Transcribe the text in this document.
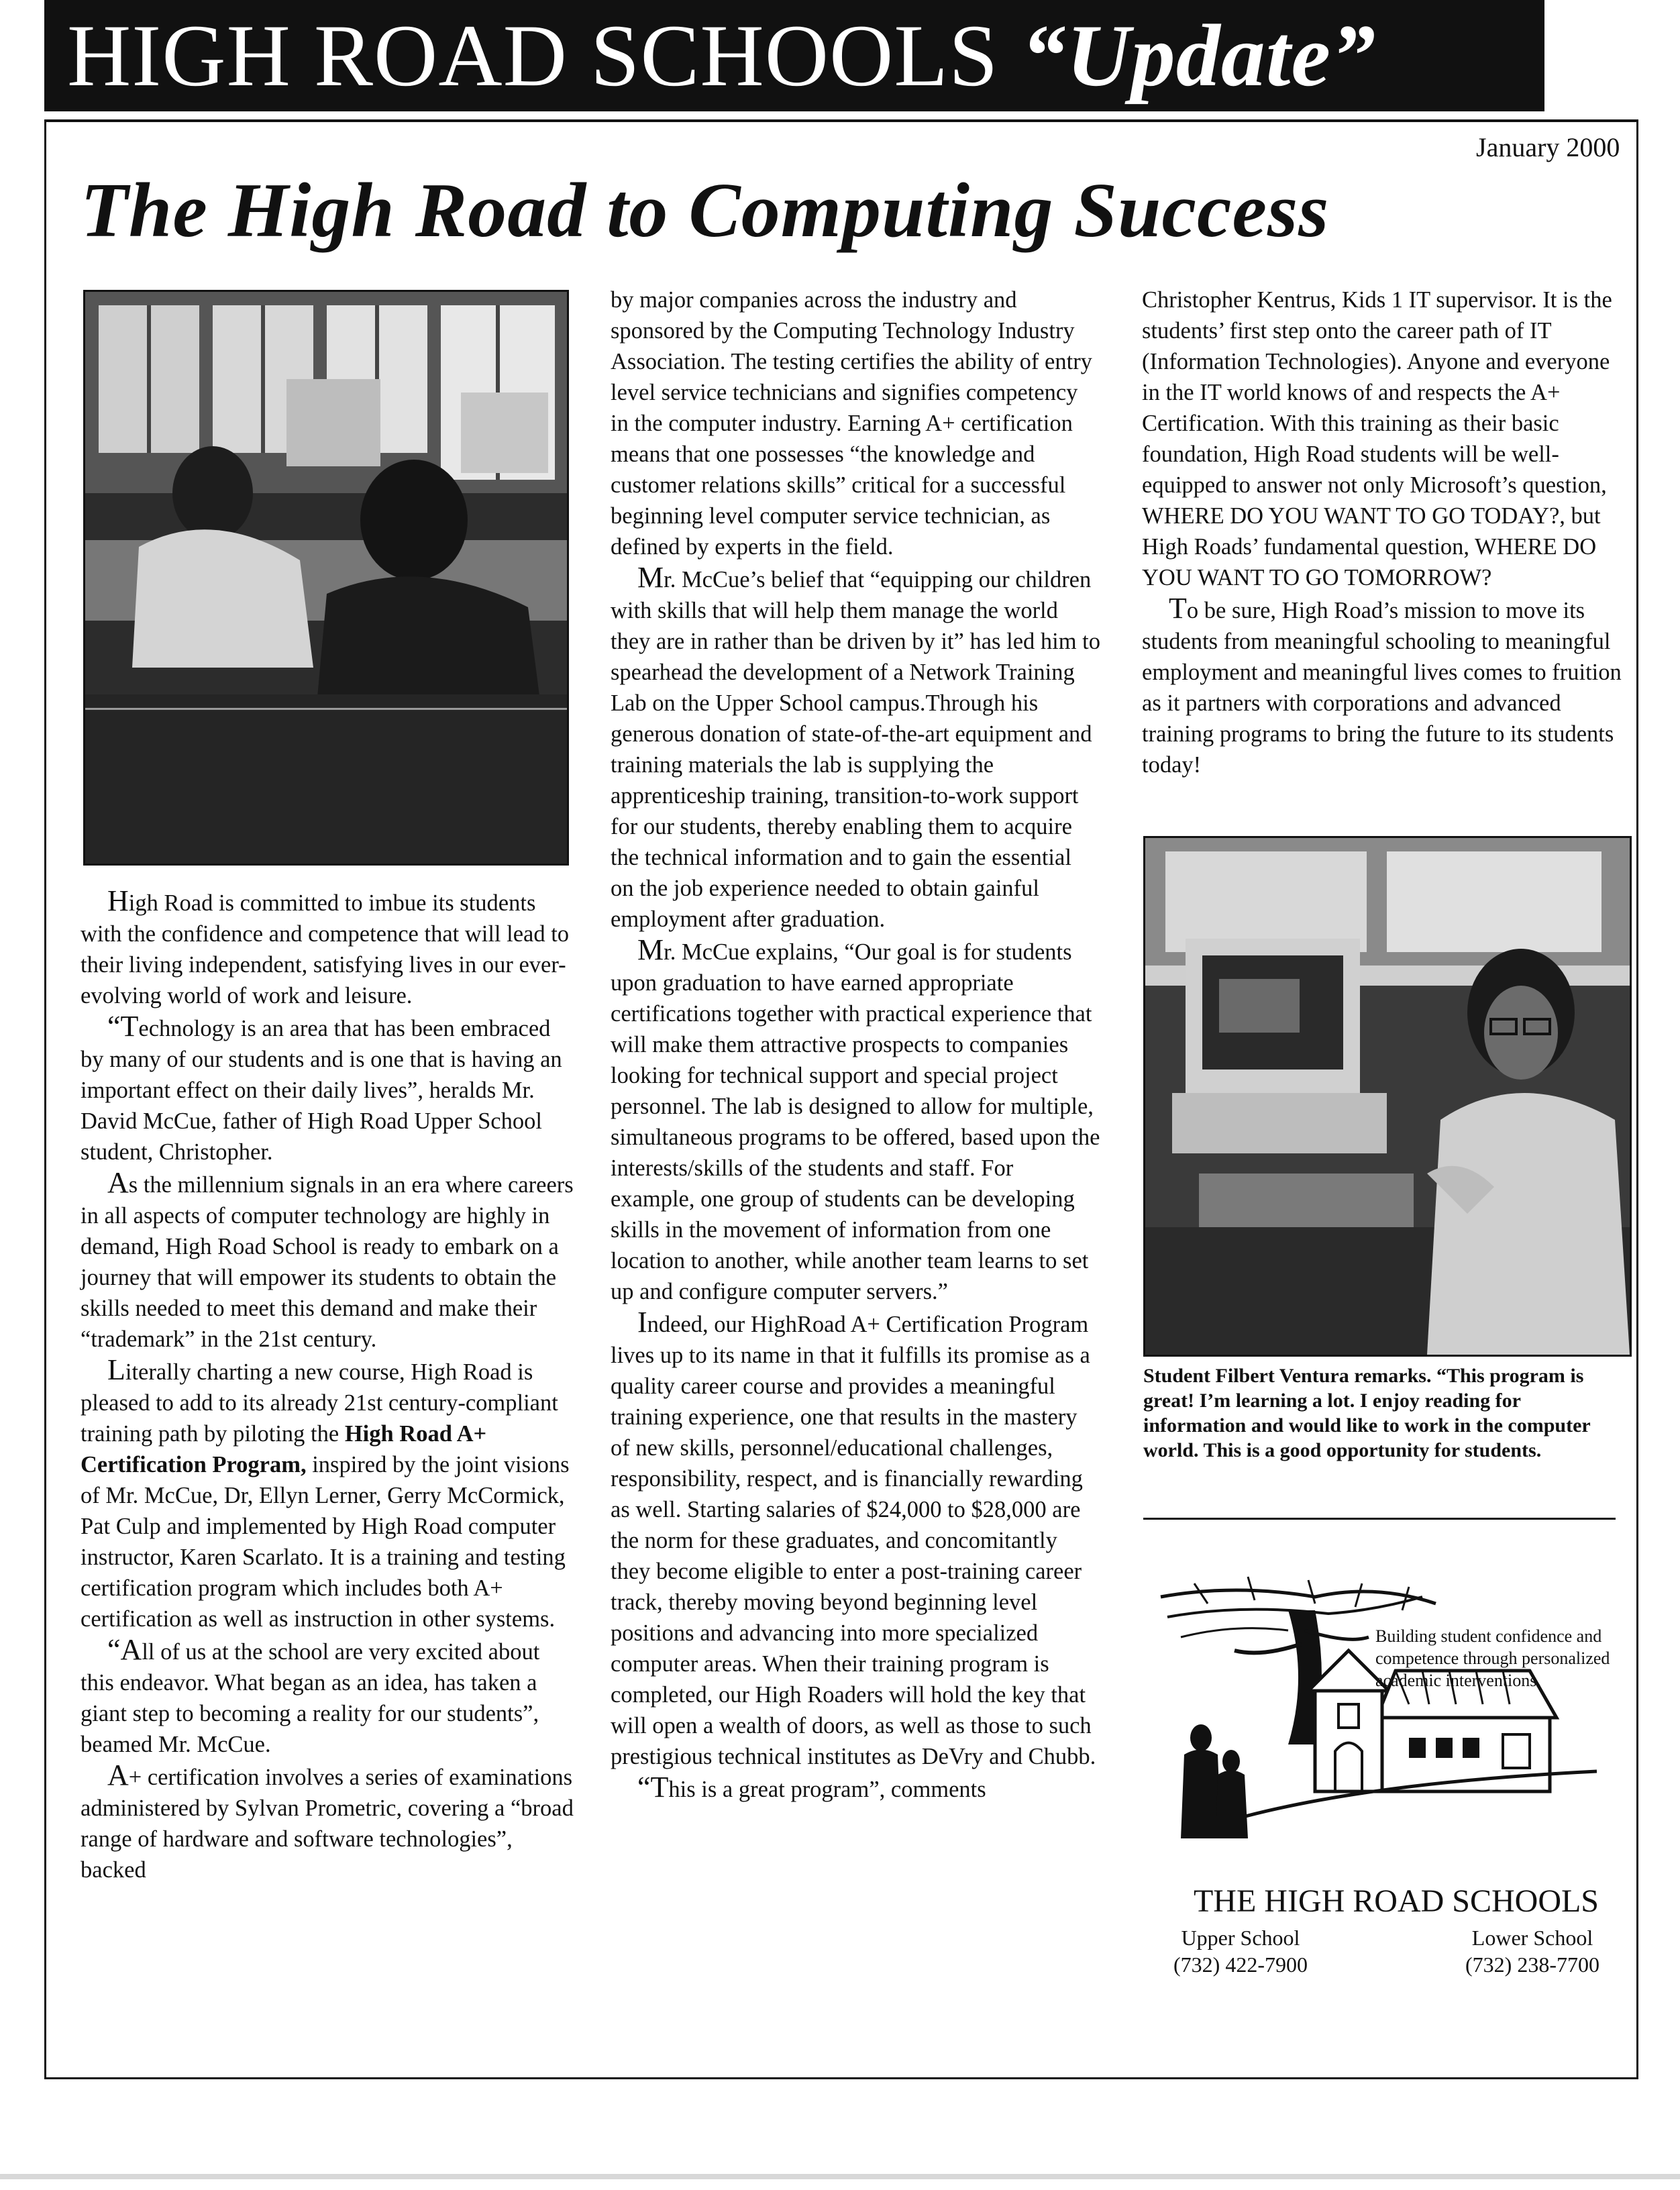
HIGH ROAD SCHOOLS “Update”
January 2000
The High Road to Computing Success

High Road is committed to imbue its students with the confidence and competence that will lead to their living independent, satisfying lives in our ever-evolving world of work and leisure.

“Technology is an area that has been embraced by many of our students and is one that is having an important effect on their daily lives”, heralds Mr. David McCue, father of High Road Upper School student, Christopher.

As the millennium signals in an era where careers in all aspects of computer technology are highly in demand, High Road School is ready to embark on a journey that will empower its students to obtain the skills needed to meet this demand and make their “trademark” in the 21st century.

Literally charting a new course, High Road is pleased to add to its already 21st century-compliant training path by piloting the High Road A+ Certification Program, inspired by the joint visions of Mr. McCue, Dr, Ellyn Lerner, Gerry McCormick, Pat Culp and implemented by High Road computer instructor, Karen Scarlato. It is a training and testing certification program which includes both A+ certification as well as instruction in other systems.

“All of us at the school are very excited about this endeavor. What began as an idea, has taken a giant step to becoming a reality for our students”, beamed Mr. McCue.

A+ certification involves a series of examinations administered by Sylvan Prometric, covering a “broad range of hardware and software technologies”, backed

by major companies across the industry and sponsored by the Computing Technology Industry Association. The testing certifies the ability of entry level service technicians and signifies competency in the computer industry. Earning A+ certification means that one possesses “the knowledge and customer relations skills” critical for a successful beginning level computer service technician, as defined by experts in the field.

Mr. McCue’s belief that “equipping our children with skills that will help them manage the world they are in rather than be driven by it” has led him to spearhead the development of a Network Training Lab on the Upper School campus.Through his generous donation of state-of-the-art equipment and training materials the lab is supplying the apprenticeship training, transition-to-work support for our students, thereby enabling them to acquire the technical information and to gain the essential on the job experience needed to obtain gainful employment after graduation.

Mr. McCue explains, “Our goal is for students upon graduation to have earned appropriate certifications together with practical experience that will make them attractive prospects to companies looking for technical support and special project personnel. The lab is designed to allow for multiple, simultaneous programs to be offered, based upon the interests/skills of the students and staff. For example, one group of students can be developing skills in the movement of information from one location to another, while another team learns to set up and configure computer servers.”

Indeed, our HighRoad A+ Certification Program lives up to its name in that it fulfills its promise as a quality career course and provides a meaningful training experience, one that results in the mastery of new skills, personnel/educational challenges, responsibility, respect, and is financially rewarding as well. Starting salaries of $24,000 to $28,000 are the norm for these graduates, and concomitantly they become eligible to enter a post-training career track, thereby moving beyond beginning level positions and advancing into more specialized computer areas. When their training program is completed, our High Roaders will hold the key that will open a wealth of doors, as well as those to such prestigious technical institutes as DeVry and Chubb.

“This is a great program”, comments

Christopher Kentrus, Kids 1 IT supervisor. It is the students’ first step onto the career path of IT (Information Technologies). Anyone and everyone in the IT world knows of and respects the A+ Certification. With this training as their basic foundation, High Road students will be well-equipped to answer not only Microsoft’s question, WHERE DO YOU WANT TO GO TODAY?, but High Roads’ fundamental question, WHERE DO YOU WANT TO GO TOMORROW?

To be sure, High Road’s mission to move its students from meaningful schooling to meaningful employment and meaningful lives comes to fruition as it partners with corporations and advanced training programs to bring the future to its students today!

Student Filbert Ventura remarks. “This program is great! I’m learning a lot. I enjoy reading for information and would like to work in the computer world. This is a good opportunity for students.
Building student confidence and competence through personalized academic interventions.
THE HIGH ROAD SCHOOLS
Upper School
(732) 422-7900
Lower School
(732) 238-7700
